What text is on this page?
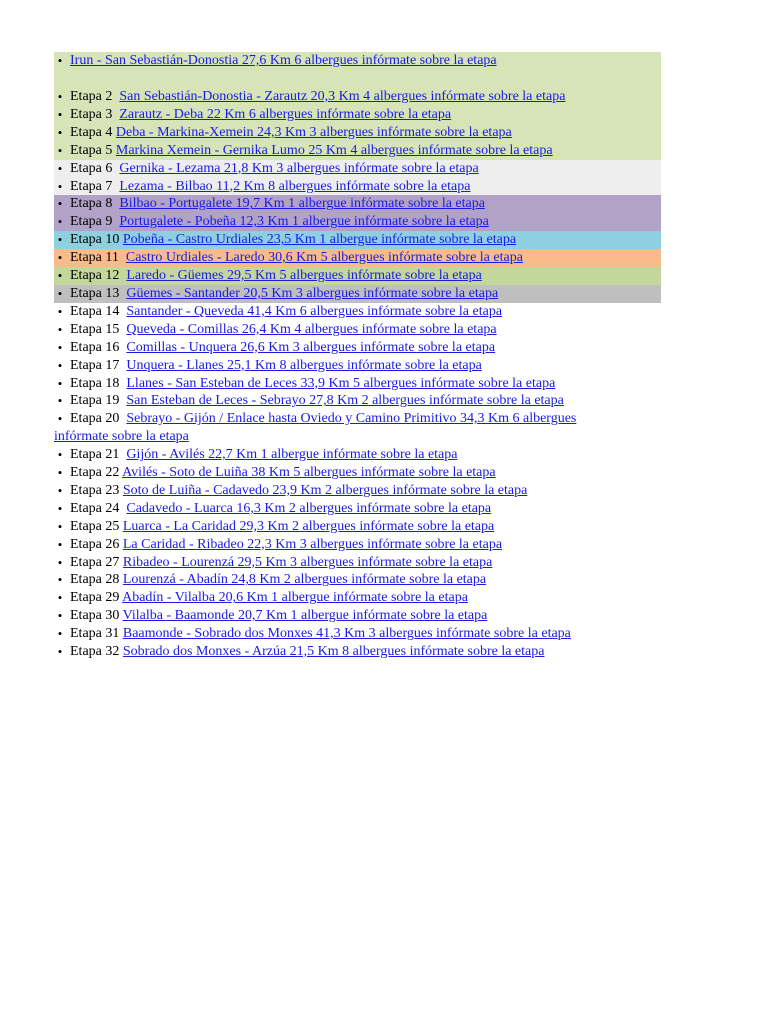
•
Irun - San Sebastián-Donostia 27,6 Km 6 albergues infórmate sobre la etapa
•
Etapa 2 San Sebastián-Donostia - Zarautz 20,3 Km 4 albergues infórmate sobre la etapa
•
Etapa 3 Zarautz - Deba 22 Km 6 albergues infórmate sobre la etapa
•
Etapa 4 Deba - Markina-Xemein 24,3 Km 3 albergues infórmate sobre la etapa
•
Etapa 5 Markina Xemein - Gernika Lumo 25 Km 4 albergues infórmate sobre la etapa
•
Etapa 6 Gernika - Lezama 21,8 Km 3 albergues infórmate sobre la etapa
•
Etapa 7 Lezama - Bilbao 11,2 Km 8 albergues infórmate sobre la etapa
•
Etapa 8 Bilbao - Portugalete 19,7 Km 1 albergue infórmate sobre la etapa
•
Etapa 9 Portugalete - Pobeña 12,3 Km 1 albergue infórmate sobre la etapa
•
Etapa 10 Pobeña - Castro Urdiales 23,5 Km 1 albergue infórmate sobre la etapa
•
Etapa 11 Castro Urdiales - Laredo 30,6 Km 5 albergues infórmate sobre la etapa
•
Etapa 12 Laredo - Güemes 29,5 Km 5 albergues infórmate sobre la etapa
•
Etapa 13 Güemes - Santander 20,5 Km 3 albergues infórmate sobre la etapa
•
Etapa 14 Santander - Queveda 41,4 Km 6 albergues infórmate sobre la etapa
•
Etapa 15 Queveda - Comillas 26,4 Km 4 albergues infórmate sobre la etapa
•
Etapa 16 Comillas - Unquera 26,6 Km 3 albergues infórmate sobre la etapa
•
Etapa 17 Unquera - Llanes 25,1 Km 8 albergues infórmate sobre la etapa
•
Etapa 18 Llanes - San Esteban de Leces 33,9 Km 5 albergues infórmate sobre la etapa
•
Etapa 19 San Esteban de Leces - Sebrayo 27,8 Km 2 albergues infórmate sobre la etapa
•
Etapa 20 Sebrayo - Gijón / Enlace hasta Oviedo y Camino Primitivo 34,3 Km 6 albergues
infórmate sobre la etapa
•
Etapa 21 Gijón - Avilés 22,7 Km 1 albergue infórmate sobre la etapa
•
Etapa 22 Avilés - Soto de Luiña 38 Km 5 albergues infórmate sobre la etapa
•
Etapa 23 Soto de Luiña - Cadavedo 23,9 Km 2 albergues infórmate sobre la etapa
•
Etapa 24 Cadavedo - Luarca 16,3 Km 2 albergues infórmate sobre la etapa
•
Etapa 25 Luarca - La Caridad 29,3 Km 2 albergues infórmate sobre la etapa
•
Etapa 26 La Caridad - Ribadeo 22,3 Km 3 albergues infórmate sobre la etapa
•
Etapa 27 Ribadeo - Lourenzá 29,5 Km 3 albergues infórmate sobre la etapa
•
Etapa 28 Lourenzá - Abadín 24,8 Km 2 albergues infórmate sobre la etapa
•
Etapa 29 Abadín - Vilalba 20,6 Km 1 albergue infórmate sobre la etapa
•
Etapa 30 Vilalba - Baamonde 20,7 Km 1 albergue infórmate sobre la etapa
•
Etapa 31 Baamonde - Sobrado dos Monxes 41,3 Km 3 albergues infórmate sobre la etapa
•
Etapa 32 Sobrado dos Monxes - Arzúa 21,5 Km 8 albergues infórmate sobre la etapa
